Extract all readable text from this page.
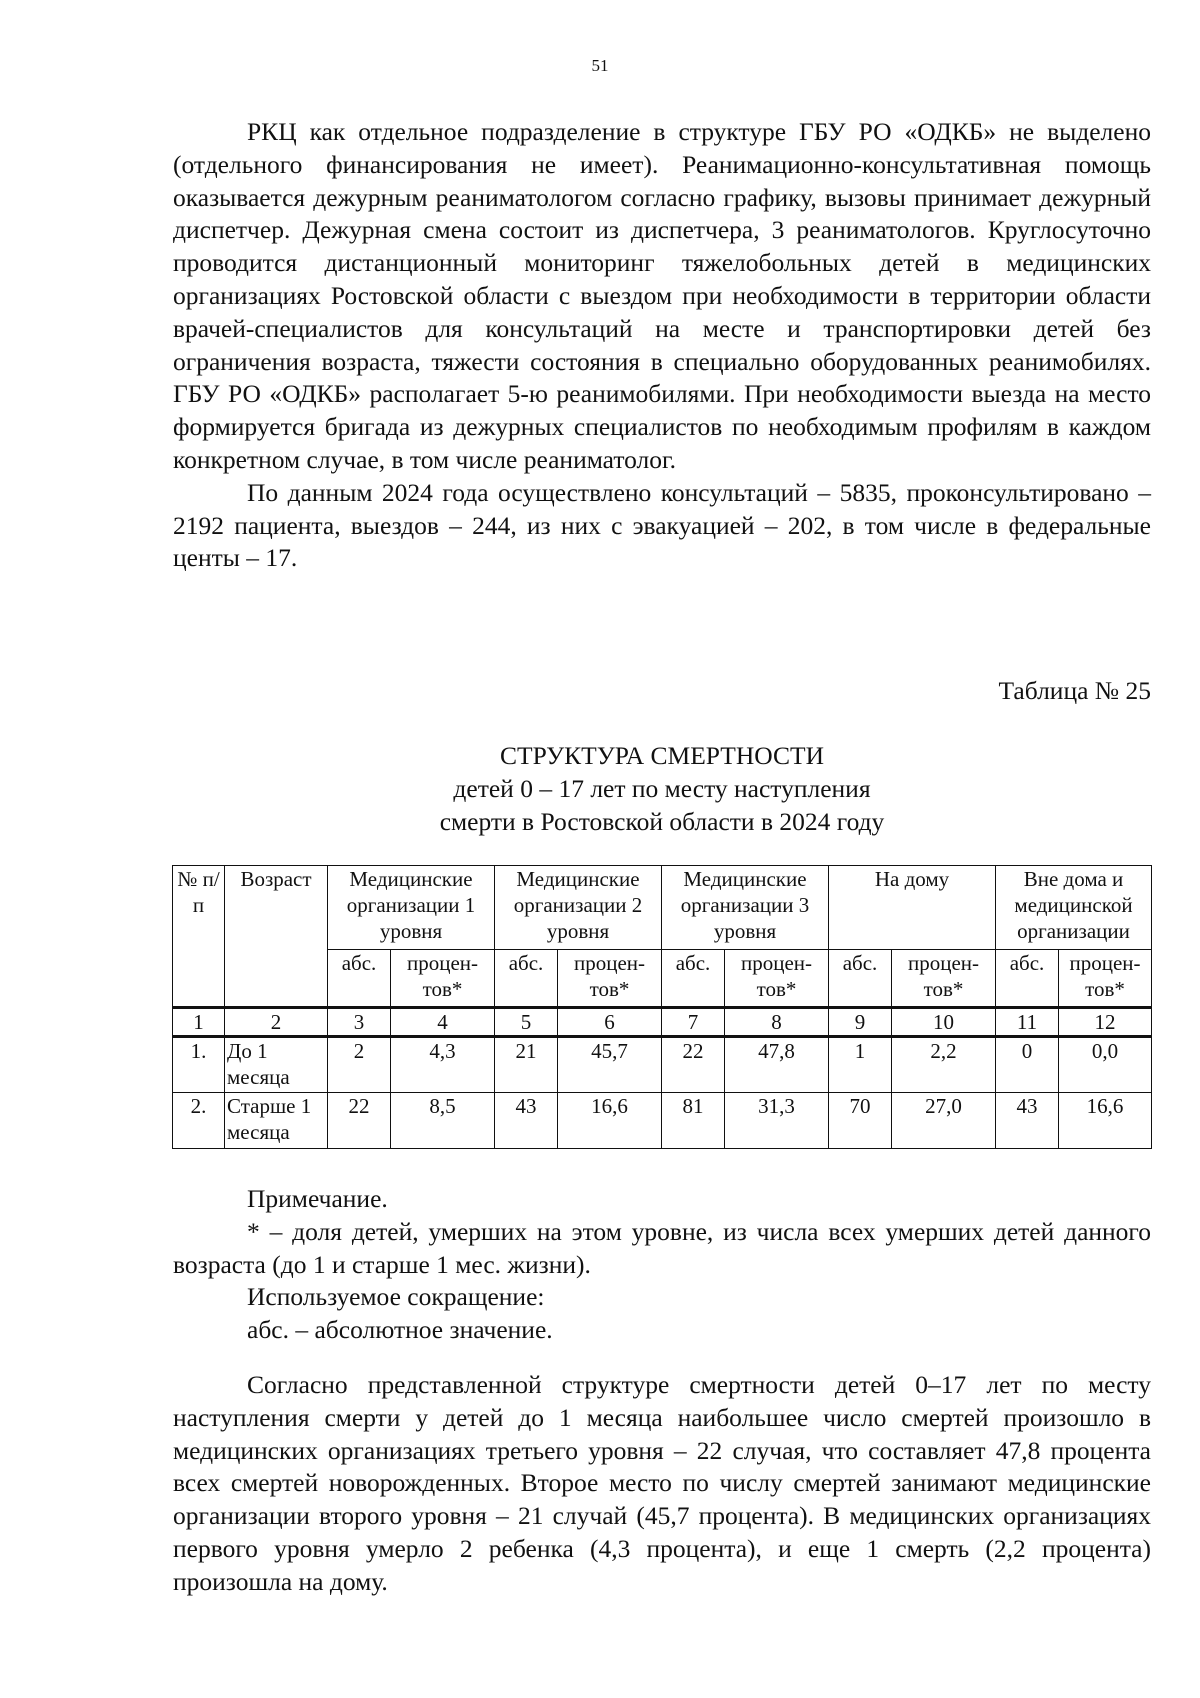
51

РКЦ как отдельное подразделение в структуре ГБУ РО «ОДКБ» не выделено (отдельного финансирования не имеет). Реанимационно-консультативная помощь оказывается дежурным реаниматологом согласно графику, вызовы принимает дежурный диспетчер. Дежурная смена состоит из диспетчера, 3 реаниматологов. Круглосуточно проводится дистанционный мониторинг тяжелобольных детей в медицинских организациях Ростовской области с выездом при необходимости в территории области врачей-специалистов для консультаций на месте и транспортировки детей без ограничения возраста, тяжести состояния в специально оборудованных реанимобилях. ГБУ РО «ОДКБ» располагает 5-ю реанимобилями. При необходимости выезда на место формируется бригада из дежурных специалистов по необходимым профилям в каждом конкретном случае, в том числе реаниматолог.

По данным 2024 года осуществлено консультаций – 5835, проконсультировано – 2192 пациента, выездов – 244, из них с эвакуацией – 202, в том числе в федеральные центы – 17.

Таблица № 25
СТРУКТУРА СМЕРТНОСТИ
детей 0 – 17 лет по месту наступления
смерти в Ростовской области в 2024 году
№ п/п	Возраст	Медицинские организации 1 уровня		Медицинские организации 2 уровня		Медицинские организации 3 уровня		На дому		Вне дома и медицинской организации	
		абс.	процен-тов*	абс.	процен-тов*	абс.	процен-тов*	абс.	процен-тов*	абс.	процен-тов*
1	2	3	4	5	6	7	8	9	10	11	12
1.	До 1 месяца	2	4,3	21	45,7	22	47,8	1	2,2	0	0,0
2.	Старше 1 месяца	22	8,5	43	16,6	81	31,3	70	27,0	43	16,6

Примечание.

* – доля детей, умерших на этом уровне, из числа всех умерших детей данного возраста (до 1 и старше 1 мес. жизни).

Используемое сокращение:

абс. – абсолютное значение.

Согласно представленной структуре смертности детей 0–17 лет по месту наступления смерти у детей до 1 месяца наибольшее число смертей произошло в медицинских организациях третьего уровня – 22 случая, что составляет 47,8 процента всех смертей новорожденных. Второе место по числу смертей занимают медицинские организации второго уровня – 21 случай (45,7 процента). В медицинских организациях первого уровня умерло 2 ребенка (4,3 процента), и еще 1 смерть (2,2 процента) произошла на дому.
